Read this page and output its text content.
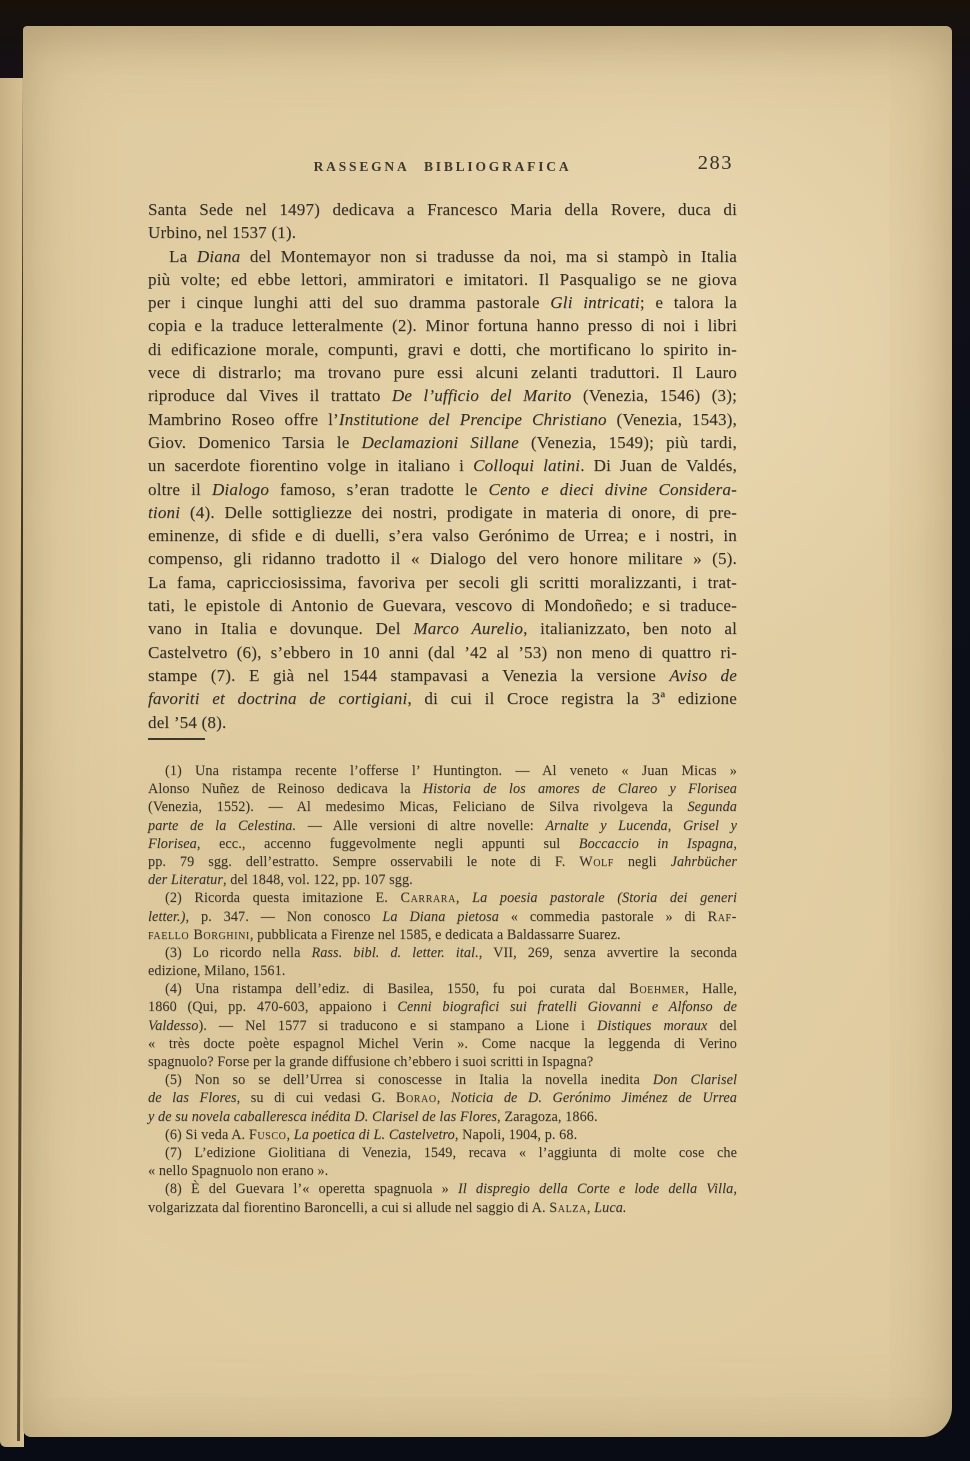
RASSEGNA BIBLIOGRAFICA	283
Santa Sede nel 1497) dedicava a Francesco Maria della Rovere, duca di
Urbino, nel 1537 (1).
La Diana del Montemayor non si tradusse da noi, ma si stampò in Italia
più volte; ed ebbe lettori, ammiratori e imitatori. Il Pasqualigo se ne giova
per i cinque lunghi atti del suo dramma pastorale Gli intricati; e talora la
copia e la traduce letteralmente (2). Minor fortuna hanno presso di noi i libri
di edificazione morale, compunti, gravi e dotti, che mortificano lo spirito in-
vece di distrarlo; ma trovano pure essi alcuni zelanti traduttori. Il Lauro
riproduce dal Vives il trattato De l’ufficio del Marito (Venezia, 1546) (3);
Mambrino Roseo offre l’Institutione del Prencipe Christiano (Venezia, 1543),
Giov. Domenico Tarsia le Declamazioni Sillane (Venezia, 1549); più tardi,
un sacerdote fiorentino volge in italiano i Colloqui latini. Di Juan de Valdés,
oltre il Dialogo famoso, s’eran tradotte le Cento e dieci divine Considera-
tioni (4). Delle sottigliezze dei nostri, prodigate in materia di onore, di pre-
eminenze, di sfide e di duelli, s’era valso Gerónimo de Urrea; e i nostri, in
compenso, gli ridanno tradotto il « Dialogo del vero honore militare » (5).
La fama, capricciosissima, favoriva per secoli gli scritti moralizzanti, i trat-
tati, le epistole di Antonio de Guevara, vescovo di Mondoñedo; e si traduce-
vano in Italia e dovunque. Del Marco Aurelio, italianizzato, ben noto al
Castelvetro (6), s’ebbero in 10 anni (dal ’42 al ’53) non meno di quattro ri-
stampe (7). E già nel 1544 stampavasi a Venezia la versione Aviso de
favoriti et doctrina de cortigiani, di cui il Croce registra la 3ª edizione
del ’54 (8).
(1) Una ristampa recente l’offerse l’ Huntington. — Al veneto « Juan Micas »
Alonso Nuñez de Reinoso dedicava la Historia de los amores de Clareo y Florisea
(Venezia, 1552). — Al medesimo Micas, Feliciano de Silva rivolgeva la Segunda
parte de la Celestina. — Alle versioni di altre novelle: Arnalte y Lucenda, Grisel y
Florisea, ecc., accenno fuggevolmente negli appunti sul Boccaccio in Ispagna,
pp. 79 sgg. dell’estratto. Sempre osservabili le note di F. Wolf negli Jahrbücher
der Literatur, del 1848, vol. 122, pp. 107 sgg.
(2) Ricorda questa imitazione E. Carrara, La poesia pastorale (Storia dei generi
letter.), p. 347. — Non conosco La Diana pietosa « commedia pastorale » di Raf-
faello Borghini, pubblicata a Firenze nel 1585, e dedicata a Baldassarre Suarez.
(3) Lo ricordo nella Rass. bibl. d. letter. ital., VII, 269, senza avvertire la seconda
edizione, Milano, 1561.
(4) Una ristampa dell’ediz. di Basilea, 1550, fu poi curata dal Boehmer, Halle,
1860 (Qui, pp. 470-603, appaiono i Cenni biografici sui fratelli Giovanni e Alfonso de
Valdesso). — Nel 1577 si traducono e si stampano a Lione i Distiques moraux del
« très docte poète espagnol Michel Verin ». Come nacque la leggenda di Verino
spagnuolo? Forse per la grande diffusione ch’ebbero i suoi scritti in Ispagna?
(5) Non so se dell’Urrea si conoscesse in Italia la novella inedita Don Clarisel
de las Flores, su di cui vedasi G. Borao, Noticia de D. Gerónimo Jiménez de Urrea
y de su novela caballeresca inédita D. Clarisel de las Flores, Zaragoza, 1866.
(6) Si veda A. Fusco, La poetica di L. Castelvetro, Napoli, 1904, p. 68.
(7) L’edizione Giolitiana di Venezia, 1549, recava « l’aggiunta di molte cose che
« nello Spagnuolo non erano ».
(8) È del Guevara l’« operetta spagnuola » Il dispregio della Corte e lode della Villa,
volgarizzata dal fiorentino Baroncelli, a cui si allude nel saggio di A. Salza, Luca.
